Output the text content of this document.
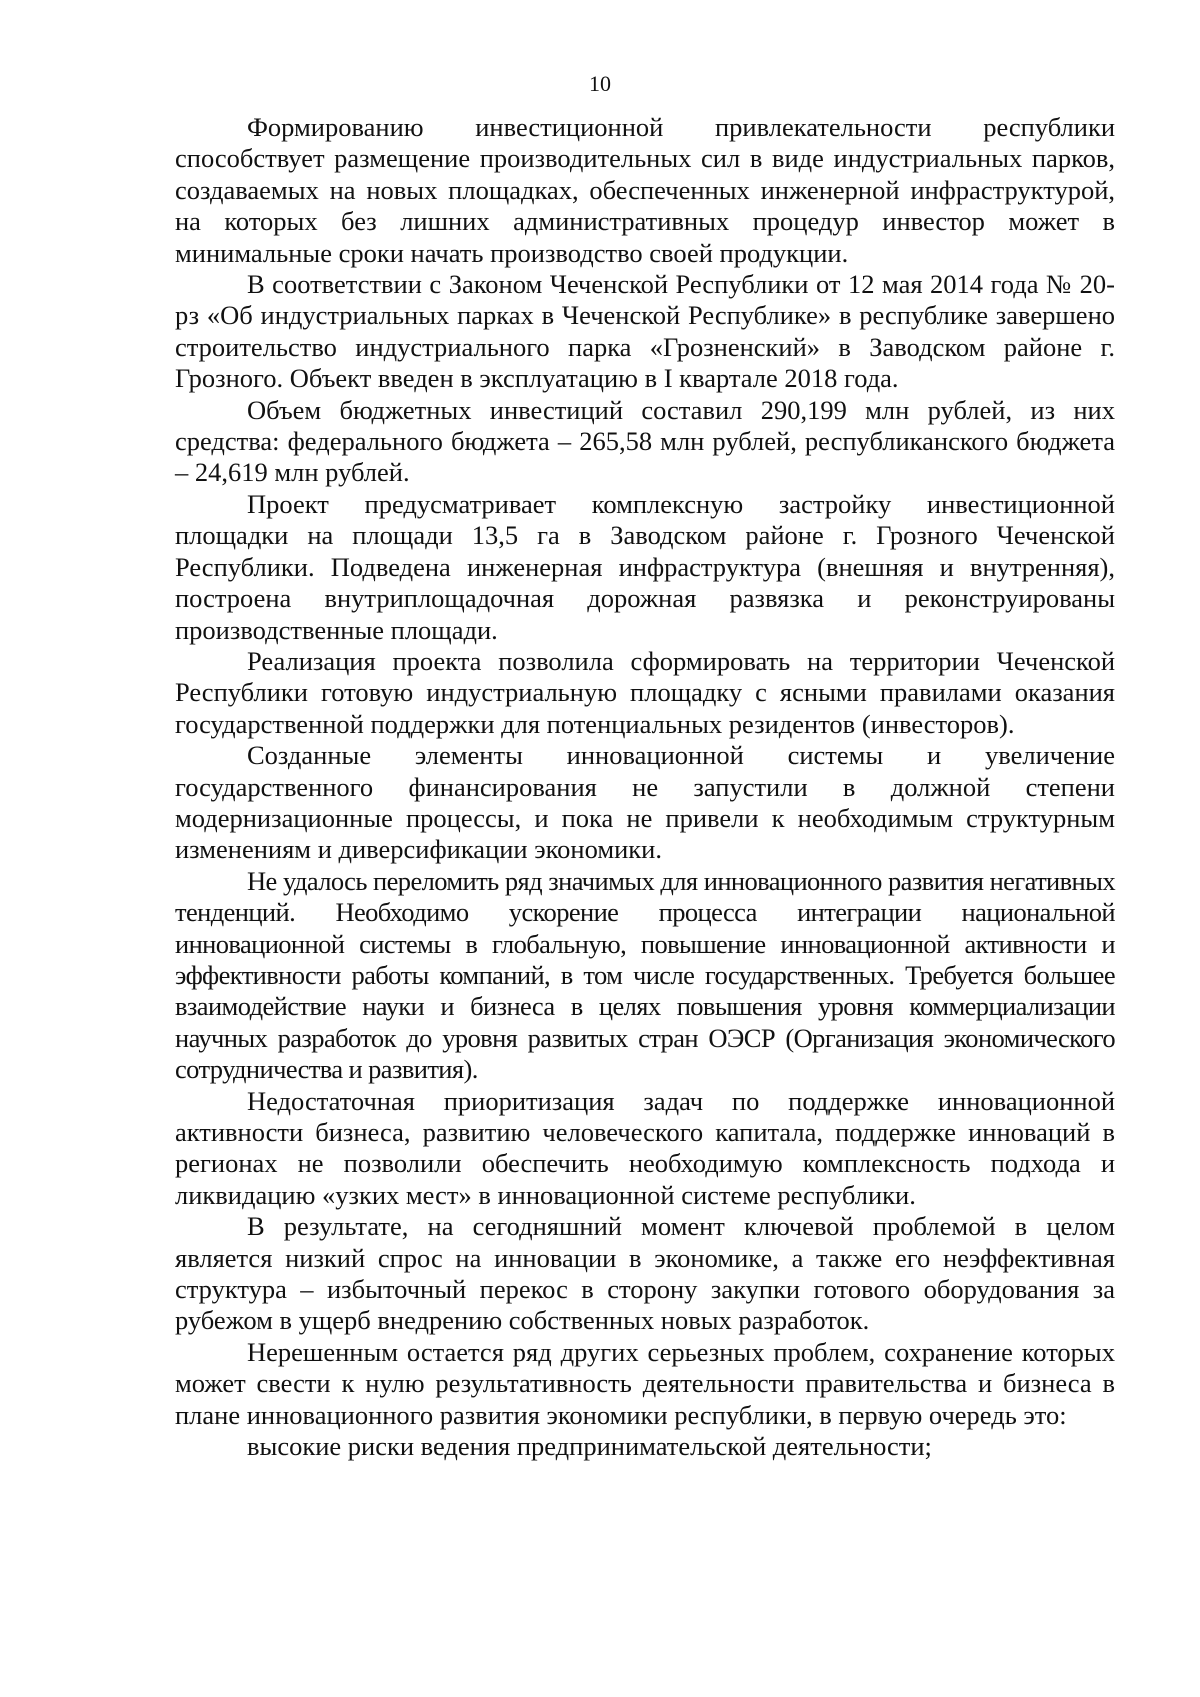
10

Формированию инвестиционной привлекательности республики способствует размещение производительных сил в виде индустриальных парков, создаваемых на новых площадках, обеспеченных инженерной инфраструктурой, на которых без лишних административных процедур инвестор может в минимальные сроки начать производство своей продукции.

В соответствии с Законом Чеченской Республики от 12 мая 2014 года № 20-рз «Об индустриальных парках в Чеченской Республике» в республике завершено строительство индустриального парка «Грозненский» в Заводском районе г. Грозного. Объект введен в эксплуатацию в I квартале 2018 года.

Объем бюджетных инвестиций составил 290,199 млн рублей, из них средства: федерального бюджета – 265,58 млн рублей, республиканского бюджета – 24,619 млн рублей.

Проект предусматривает комплексную застройку инвестиционной площадки на площади 13,5 га в Заводском районе г. Грозного Чеченской Республики. Подведена инженерная инфраструктура (внешняя и внутренняя), построена внутриплощадочная дорожная развязка и реконструированы производственные площади.

Реализация проекта позволила сформировать на территории Чеченской Республики готовую индустриальную площадку с ясными правилами оказания государственной поддержки для потенциальных резидентов (инвесторов).

Созданные элементы инновационной системы и увеличение государственного финансирования не запустили в должной степени модернизационные процессы, и пока не привели к необходимым структурным изменениям и диверсификации экономики.

Не удалось переломить ряд значимых для инновационного развития негативных тенденций. Необходимо ускорение процесса интеграции национальной инновационной системы в глобальную, повышение инновационной активности и эффективности работы компаний, в том числе государственных. Требуется большее взаимодействие науки и бизнеса в целях повышения уровня коммерциализации научных разработок до уровня развитых стран ОЭСР (Организация экономического сотрудничества и развития).

Недостаточная приоритизация задач по поддержке инновационной активности бизнеса, развитию человеческого капитала, поддержке инноваций в регионах не позволили обеспечить необходимую комплексность подхода и ликвидацию «узких мест» в инновационной системе республики.

В результате, на сегодняшний момент ключевой проблемой в целом является низкий спрос на инновации в экономике, а также его неэффективная структура – избыточный перекос в сторону закупки готового оборудования за рубежом в ущерб внедрению собственных новых разработок.

Нерешенным остается ряд других серьезных проблем, сохранение которых может свести к нулю результативность деятельности правительства и бизнеса в плане инновационного развития экономики республики, в первую очередь это:

высокие риски ведения предпринимательской деятельности;
